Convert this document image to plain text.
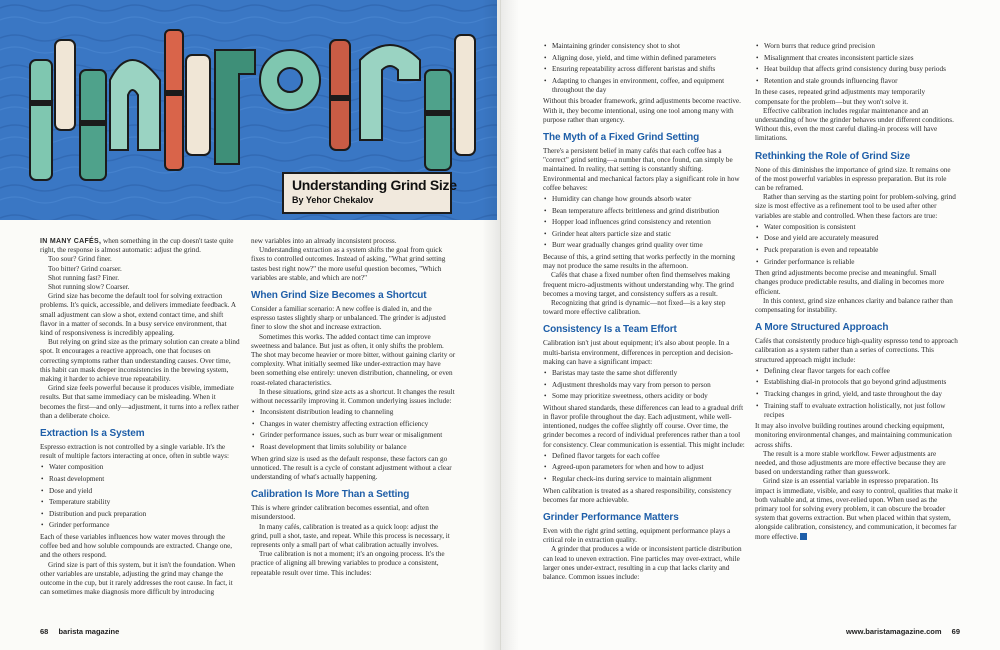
Understanding Grind Size
By Yehor Chekalov

IN MANY CAFÉS, when something in the cup doesn't taste quite right, the response is almost automatic: adjust the grind.

Too sour? Grind finer.

Too bitter? Grind coarser.

Shot running fast? Finer.

Shot running slow? Coarser.

Grind size has become the default tool for solving extraction problems. It's quick, accessible, and delivers immediate feedback. A small adjustment can slow a shot, extend contact time, and shift flavor in a matter of seconds. In a busy service environment, that kind of responsiveness is incredibly appealing.

But relying on grind size as the primary solution can create a blind spot. It encourages a reactive approach, one that focuses on correcting symptoms rather than understanding causes. Over time, this habit can mask deeper inconsistencies in the brewing system, making it harder to achieve true repeatability.

Grind size feels powerful because it produces visible, immediate results. But that same immediacy can be misleading. When it becomes the first—and only—adjustment, it turns into a reflex rather than a deliberate choice.

Extraction Is a System

Espresso extraction is not controlled by a single variable. It's the result of multiple factors interacting at once, often in subtle ways:

• Water composition
• Roast development
• Dose and yield
• Temperature stability
• Distribution and puck preparation
• Grinder performance

Each of these variables influences how water moves through the coffee bed and how soluble compounds are extracted. Change one, and the others respond.

Grind size is part of this system, but it isn't the foundation. When other variables are unstable, adjusting the grind may change the outcome in the cup, but it rarely addresses the root cause. In fact, it can sometimes make diagnosis more difficult by introducing

new variables into an already inconsistent process.

Understanding extraction as a system shifts the goal from quick fixes to controlled outcomes. Instead of asking, "What grind setting tastes best right now?" the more useful question becomes, "Which variables are stable, and which are not?"

When Grind Size Becomes a Shortcut

Consider a familiar scenario: A new coffee is dialed in, and the espresso tastes slightly sharp or unbalanced. The grinder is adjusted finer to slow the shot and increase extraction.

Sometimes this works. The added contact time can improve sweetness and balance. But just as often, it only shifts the problem. The shot may become heavier or more bitter, without gaining clarity or complexity. What initially seemed like under-extraction may have been something else entirely: uneven distribution, channeling, or even roast-related characteristics.

In these situations, grind size acts as a shortcut. It changes the result without necessarily improving it. Common underlying issues include:

• Inconsistent distribution leading to channeling
• Changes in water chemistry affecting extraction efficiency
• Grinder performance issues, such as burr wear or misalignment
• Roast development that limits solubility or balance

When grind size is used as the default response, these factors can go unnoticed. The result is a cycle of constant adjustment without a clear understanding of what's actually happening.

Calibration Is More Than a Setting

This is where grinder calibration becomes essential, and often misunderstood.

In many cafés, calibration is treated as a quick loop: adjust the grind, pull a shot, taste, and repeat. While this process is necessary, it represents only a small part of what calibration actually involves.

True calibration is not a moment; it's an ongoing process. It's the practice of aligning all brewing variables to produce a consistent, repeatable result over time. This includes:

68 barista magazine
• Maintaining grinder consistency shot to shot
• Aligning dose, yield, and time within defined parameters
• Ensuring repeatability across different baristas and shifts
• Adapting to changes in environment, coffee, and equipment throughout the day

Without this broader framework, grind adjustments become reactive. With it, they become intentional, using one tool among many with purpose rather than urgency.

The Myth of a Fixed Grind Setting

There's a persistent belief in many cafés that each coffee has a "correct" grind setting—a number that, once found, can simply be maintained. In reality, that setting is constantly shifting. Environmental and mechanical factors play a significant role in how coffee behaves:

• Humidity can change how grounds absorb water
• Bean temperature affects brittleness and grind distribution
• Hopper load influences grind consistency and retention
• Grinder heat alters particle size and static
• Burr wear gradually changes grind quality over time

Because of this, a grind setting that works perfectly in the morning may not produce the same results in the afternoon.

Cafés that chase a fixed number often find themselves making frequent micro-adjustments without understanding why. The grind becomes a moving target, and consistency suffers as a result.

Recognizing that grind is dynamic—not fixed—is a key step toward more effective calibration.

Consistency Is a Team Effort

Calibration isn't just about equipment; it's also about people. In a multi-barista environment, differences in perception and decision-making can have a significant impact:

• Baristas may taste the same shot differently
• Adjustment thresholds may vary from person to person
• Some may prioritize sweetness, others acidity or body

Without shared standards, these differences can lead to a gradual drift in flavor profile throughout the day. Each adjustment, while well-intentioned, nudges the coffee slightly off course. Over time, the grinder becomes a record of individual preferences rather than a tool for consistency. Clear communication is essential. This might include:

• Defined flavor targets for each coffee
• Agreed-upon parameters for when and how to adjust
• Regular check-ins during service to maintain alignment

When calibration is treated as a shared responsibility, consistency becomes far more achievable.

Grinder Performance Matters

Even with the right grind setting, equipment performance plays a critical role in extraction quality.

A grinder that produces a wide or inconsistent particle distribution can lead to uneven extraction. Fine particles may over-extract, while larger ones under-extract, resulting in a cup that lacks clarity and balance. Common issues include:

• Worn burrs that reduce grind precision
• Misalignment that creates inconsistent particle sizes
• Heat buildup that affects grind consistency during busy periods
• Retention and stale grounds influencing flavor

In these cases, repeated grind adjustments may temporarily compensate for the problem—but they won't solve it.

Effective calibration includes regular maintenance and an understanding of how the grinder behaves under different conditions. Without this, even the most careful dialing-in process will have limitations.

Rethinking the Role of Grind Size

None of this diminishes the importance of grind size. It remains one of the most powerful variables in espresso preparation. But its role can be reframed.

Rather than serving as the starting point for problem-solving, grind size is most effective as a refinement tool to be used after other variables are stable and controlled. When these factors are true:

• Water composition is consistent
• Dose and yield are accurately measured
• Puck preparation is even and repeatable
• Grinder performance is reliable

Then grind adjustments become precise and meaningful. Small changes produce predictable results, and dialing in becomes more efficient.

In this context, grind size enhances clarity and balance rather than compensating for instability.

A More Structured Approach

Cafés that consistently produce high-quality espresso tend to approach calibration as a system rather than a series of corrections. This structured approach might include:

• Defining clear flavor targets for each coffee
• Establishing dial-in protocols that go beyond grind adjustments
• Tracking changes in grind, yield, and taste throughout the day
• Training staff to evaluate extraction holistically, not just follow recipes

It may also involve building routines around checking equipment, monitoring environmental changes, and maintaining communication across shifts.

The result is a more stable workflow. Fewer adjustments are needed, and those adjustments are more effective because they are based on understanding rather than guesswork.

Grind size is an essential variable in espresso preparation. Its impact is immediate, visible, and easy to control, qualities that make it both valuable and, at times, over-relied upon. When used as the primary tool for solving every problem, it can obscure the broader system that governs extraction. But when placed within that system, alongside calibration, consistency, and communication, it becomes far more effective.

www.baristamagazine.com 69
